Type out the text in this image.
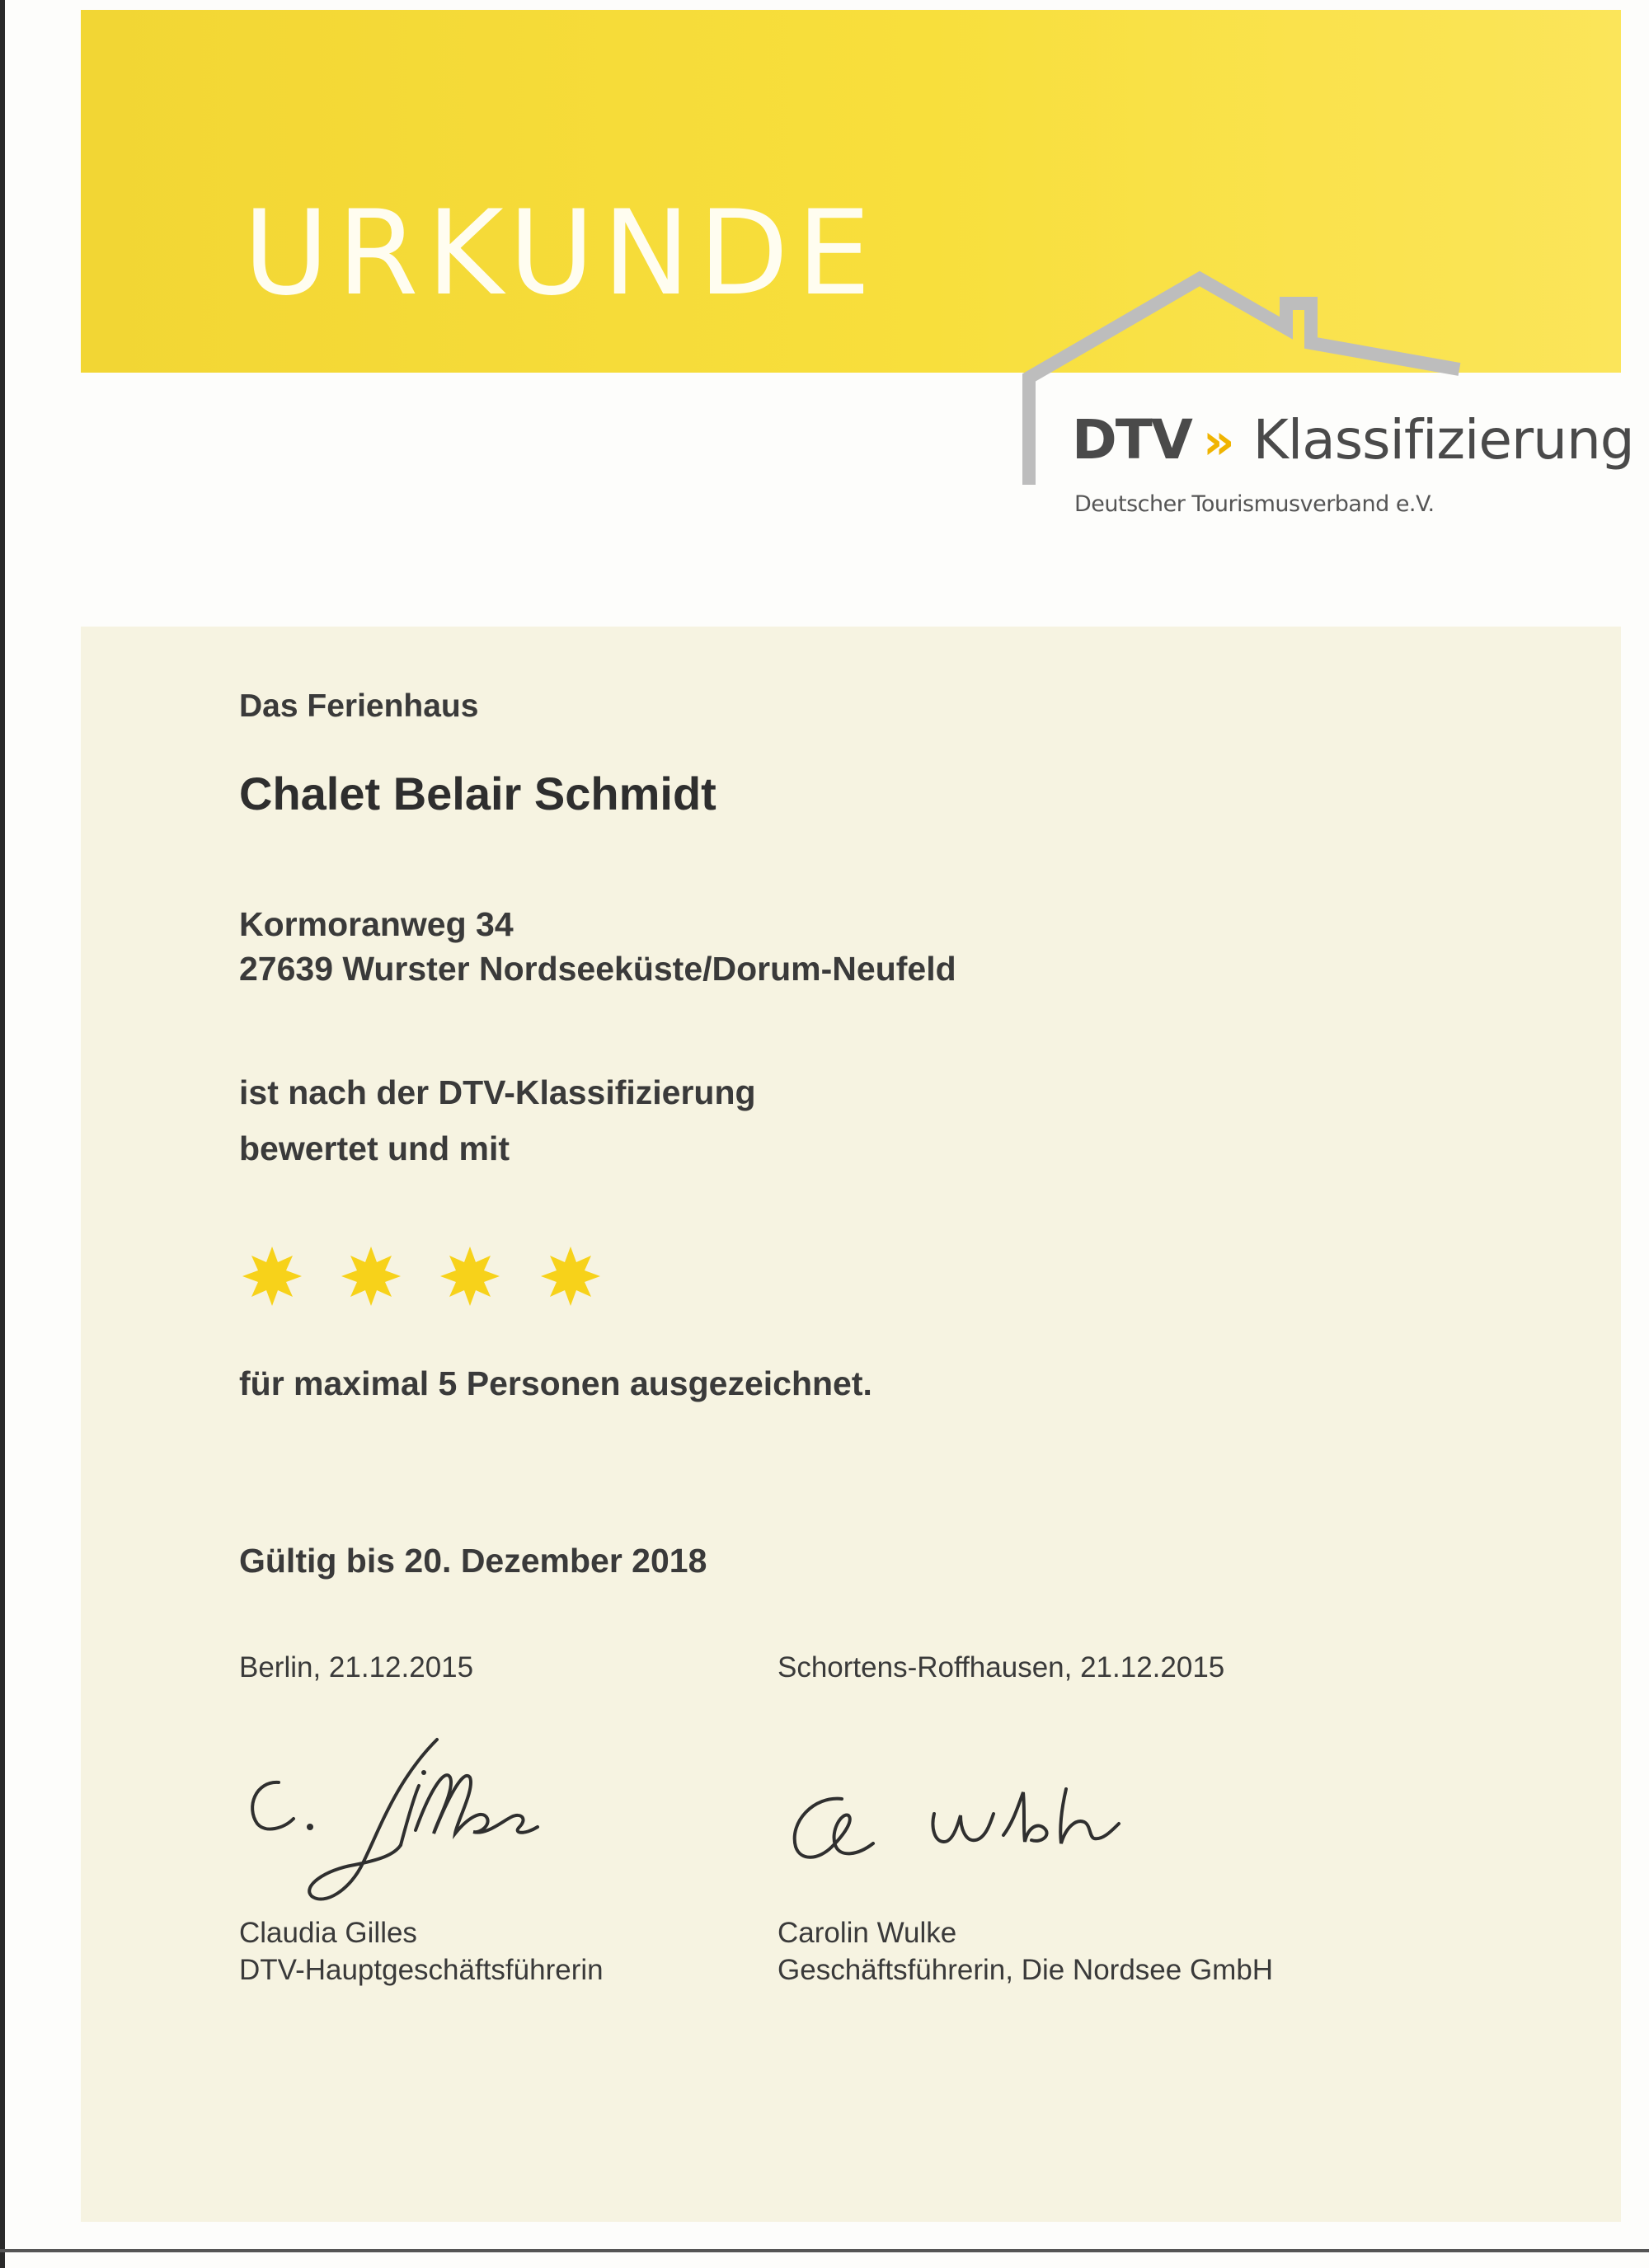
URKUNDE
DTV » Klassifizierung
Deutscher Tourismusverband e.V.
Das Ferienhaus
Chalet Belair Schmidt
Kormoranweg 34
27639 Wurster Nordseeküste/Dorum-Neufeld
ist nach der DTV-Klassifizierung
bewertet und mit
für maximal 5 Personen ausgezeichnet.
Gültig bis 20. Dezember 2018
Berlin, 21.12.2015	Schortens-Roffhausen, 21.12.2015
Claudia Gilles
DTV-Hauptgeschäftsführerin
Carolin Wulke
Geschäftsführerin, Die Nordsee GmbH
